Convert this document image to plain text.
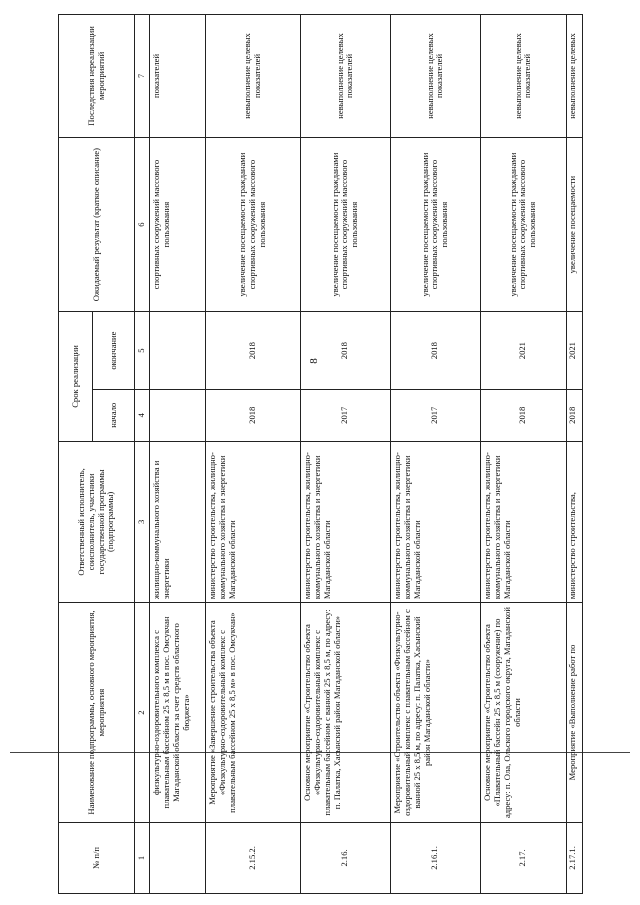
8
№ п/п	Наименование подпрограммы, основного мероприятия, мероприятия	Ответственный исполнитель, соисполнитель, участники государственной программы (подпрограммы)	Срок реализации		Ожидаемый результат (краткое описание)	Последствия нереализации мероприятий
			начало	окончание		
1	2	3	4	5	6	7
	физкультурно-оздоровительного комплекса с плавательным бассейном 25 х 8,5 м в пос. Омсукчан Магаданской области за счет средств областного бюджета»	жилищно-коммунального хозяйства и энергетики			спортивных сооружений массового пользования	показателей
2.15.2.	Мероприятие «Завершение строительства объекта «Физкультурно-оздоровительный комплекс с плавательным бассейном 25 х 8,5 м» в пос. Омсукчан»	министерство строительства, жилищно-коммунального хозяйства и энергетики Магаданской области	2018	2018	увеличение посещаемости гражданами спортивных сооружений массового пользования	невыполнение целевых показателей
2.16.	Основное мероприятие «Строительство объекта «Физкультурно-оздоровительный комплекс с плавательным бассейном с ванной 25 х 8,5 м, по адресу: п. Палатка, Хасынский район Магаданской области»	министерство строительства, жилищно-коммунального хозяйства и энергетики Магаданской области	2017	2018	увеличение посещаемости гражданами спортивных сооружений массового пользования	невыполнение целевых показателей
2.16.1.	Мероприятие «Строительство объекта «Физкультурно-оздоровительный комплекс с плавательным бассейном с ванной 25 х 8,5 м, по адресу: п. Палатка, Хасынский район Магаданской области»	министерство строительства, жилищно-коммунального хозяйства и энергетики Магаданской области	2017	2018	увеличение посещаемости гражданами спортивных сооружений массового пользования	невыполнение целевых показателей
2.17.	Основное мероприятие «Строительство объекта «Плавательный бассейн 25 х 8,5 м (сооружение) по адресу: п. Ола, Ольского городского округа, Магаданской области	министерство строительства, жилищно-коммунального хозяйства и энергетики Магаданской области	2018	2021	увеличение посещаемости гражданами спортивных сооружений массового пользования	невыполнение целевых показателей
2.17.1.	Мероприятие «Выполнение работ по	министерство строительства,	2018	2021	увеличение посещаемости	невыполнение целевых
